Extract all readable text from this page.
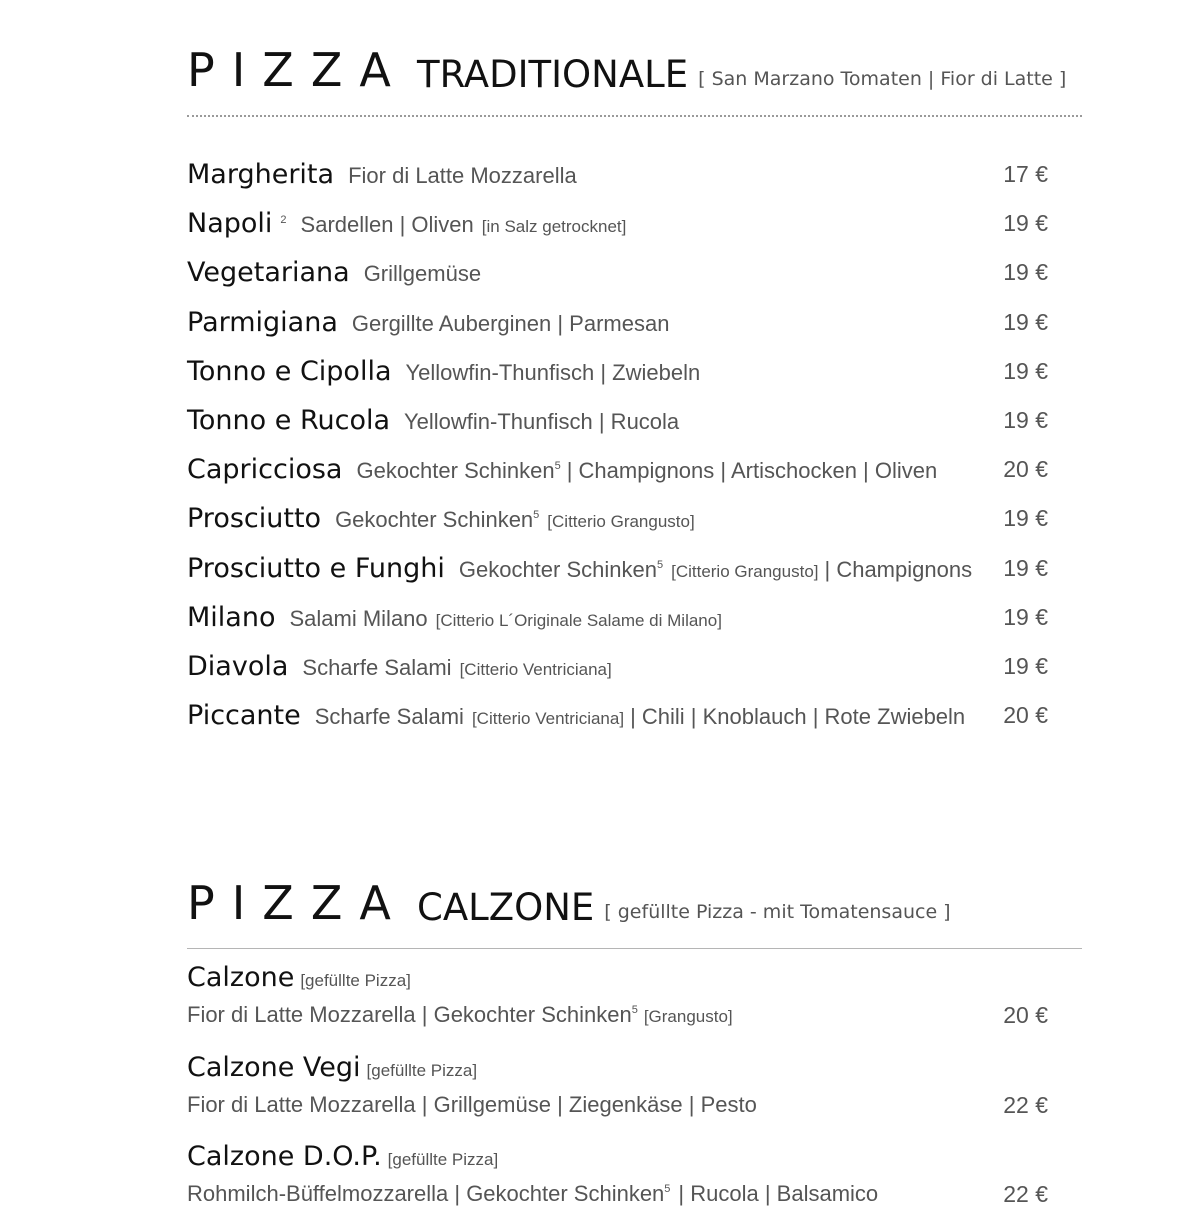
PIZZA TRADITIONALE [ San Marzano Tomaten | Fior di Latte ]
Margherita Fior di Latte Mozzarella	17 €
Napoli $^2$ Sardellen | Oliven [in Salz getrocknet]	19 €
Vegetariana Grillgemüse	19 €
Parmigiana Gergillte Auberginen | Parmesan	19 €
Tonno e Cipolla Yellowfin-Thunfisch | Zwiebeln	19 €
Tonno e Rucola Yellowfin-Thunfisch | Rucola	19 €
Capricciosa Gekochter Schinken$^5$ | Champignons | Artischocken | Oliven	20 €
Prosciutto Gekochter Schinken$^5$ [Citterio Grangusto]	19 €
Prosciutto e Funghi Gekochter Schinken$^5$ [Citterio Grangusto] | Champignons 19 €
Milano Salami Milano [Citterio L´Originale Salame di Milano]	19 €
Diavola Scharfe Salami [Citterio Ventriciana]	19 €
Piccante Scharfe Salami [Citterio Ventriciana] | Chili | Knoblauch | Rote Zwiebeln 20 €
PIZZA CALZONE [ gefüllte Pizza - mit Tomatensauce ]
Calzone [gefüllte Pizza]
Fior di Latte Mozzarella | Gekochter Schinken$^5$ [Grangusto]	20 €
Calzone Vegi [gefüllte Pizza]
Fior di Latte Mozzarella | Grillgemüse | Ziegenkäse | Pesto	22 €
Calzone D.O.P. [gefüllte Pizza]
Rohmilch-Büffelmozzarella | Gekochter Schinken$^5$ | Rucola | Balsamico	22 €
